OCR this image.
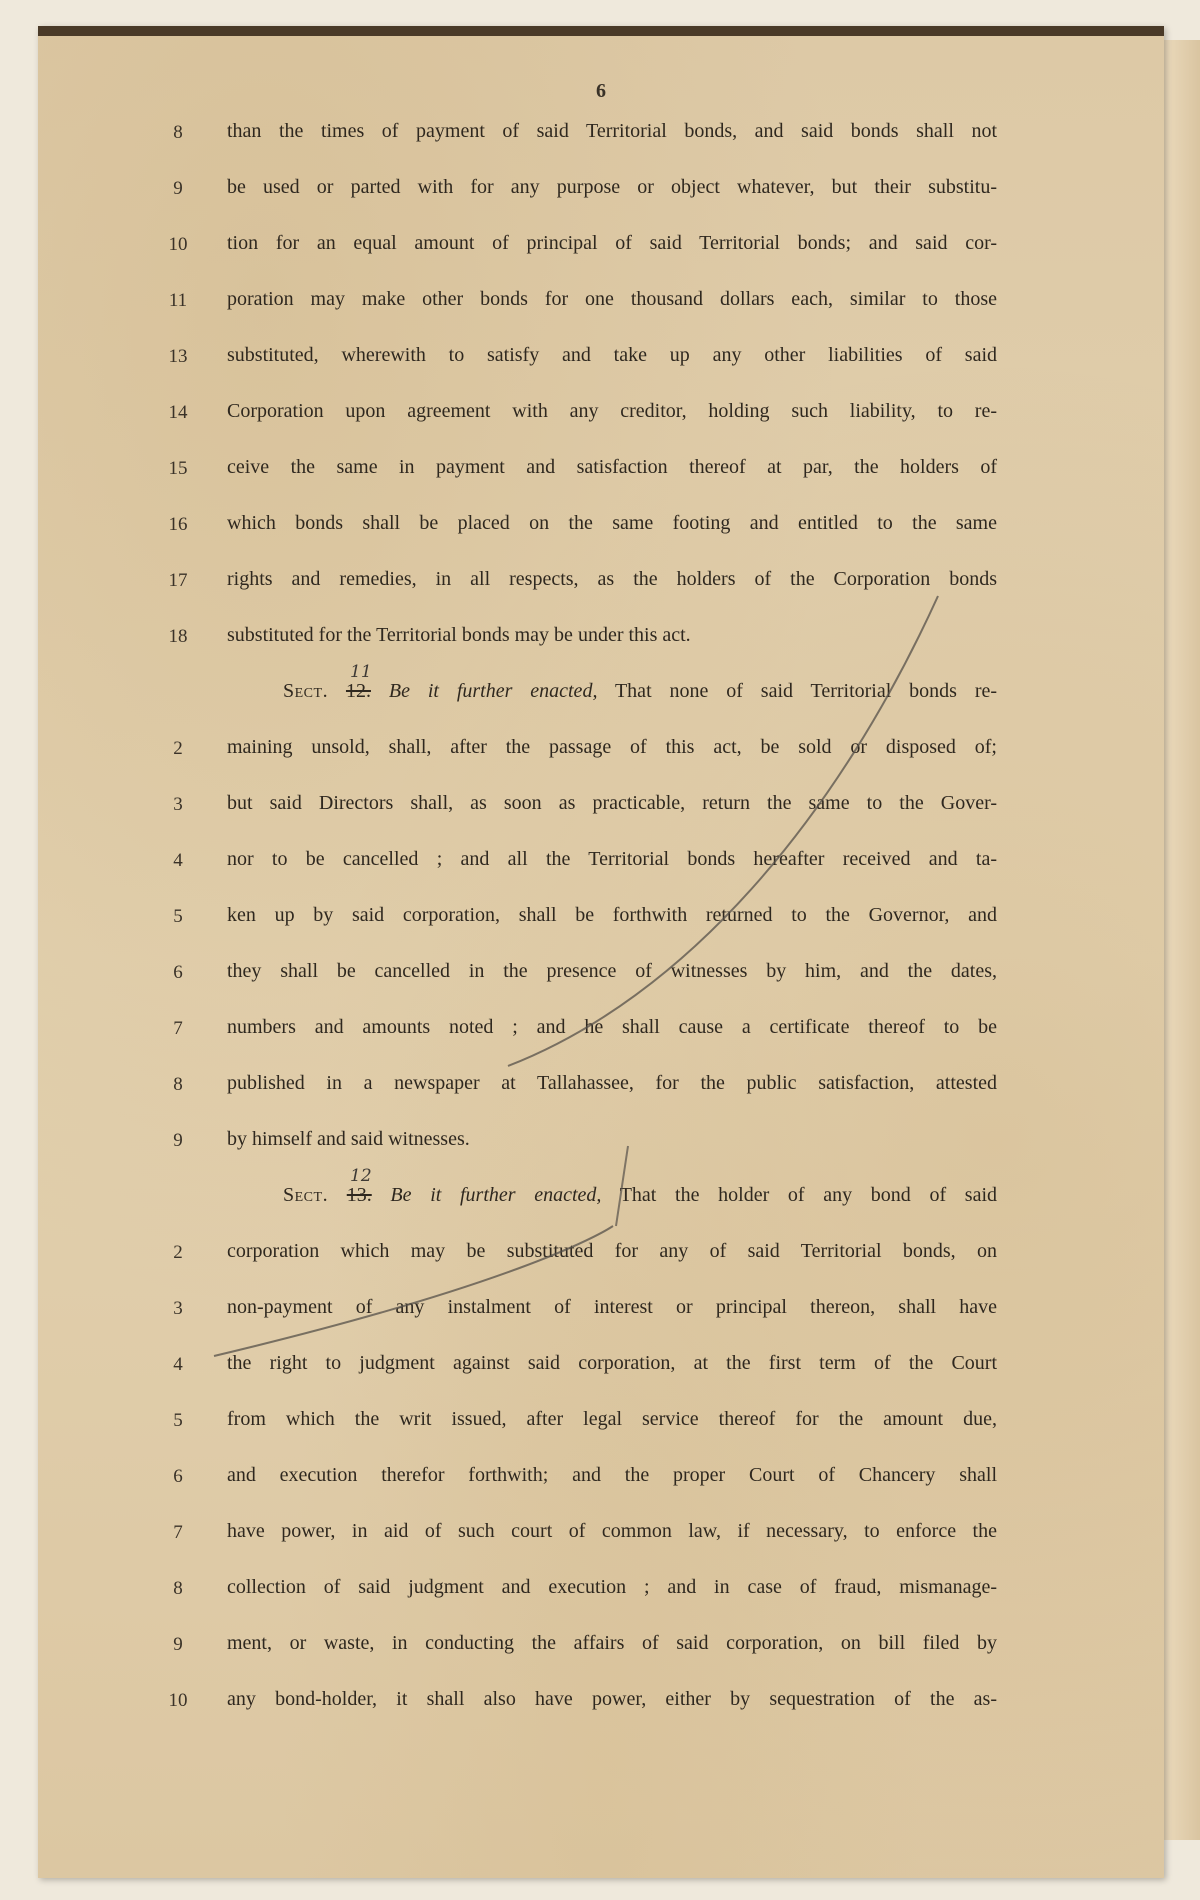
6
8	than the times of payment of said Territorial bonds, and said bonds shall not
9	be used or parted with for any purpose or object whatever, but their substitu-
10	tion for an equal amount of principal of said Territorial bonds; and said cor-
11	poration may make other bonds for one thousand dollars each, similar to those
13	substituted, wherewith to satisfy and take up any other liabilities of said
14	Corporation upon agreement with any creditor, holding such liability, to re-
15	ceive the same in payment and satisfaction thereof at par, the holders of
16	which bonds shall be placed on the same footing and entitled to the same
17	rights and remedies, in all respects, as the holders of the Corporation bonds
18	substituted for the Territorial bonds may be under this act.
11
Sect. 12. Be it further enacted, That none of said Territorial bonds re-
2	maining unsold, shall, after the passage of this act, be sold or disposed of;
3	but said Directors shall, as soon as practicable, return the same to the Gover-
4	nor to be cancelled ; and all the Territorial bonds hereafter received and ta-
5	ken up by said corporation, shall be forthwith returned to the Governor, and
6	they shall be cancelled in the presence of witnesses by him, and the dates,
7	numbers and amounts noted ; and he shall cause a certificate thereof to be
8	published in a newspaper at Tallahassee, for the public satisfaction, attested
9	by himself and said witnesses.
12
Sect. 13. Be it further enacted, That the holder of any bond of said
2	corporation which may be substituted for any of said Territorial bonds, on
3	non-payment of any instalment of interest or principal thereon, shall have
4	the right to judgment against said corporation, at the first term of the Court
5	from which the writ issued, after legal service thereof for the amount due,
6	and execution therefor forthwith; and the proper Court of Chancery shall
7	have power, in aid of such court of common law, if necessary, to enforce the
8	collection of said judgment and execution ; and in case of fraud, mismanage-
9	ment, or waste, in conducting the affairs of said corporation, on bill filed by
10	any bond-holder, it shall also have power, either by sequestration of the as-
